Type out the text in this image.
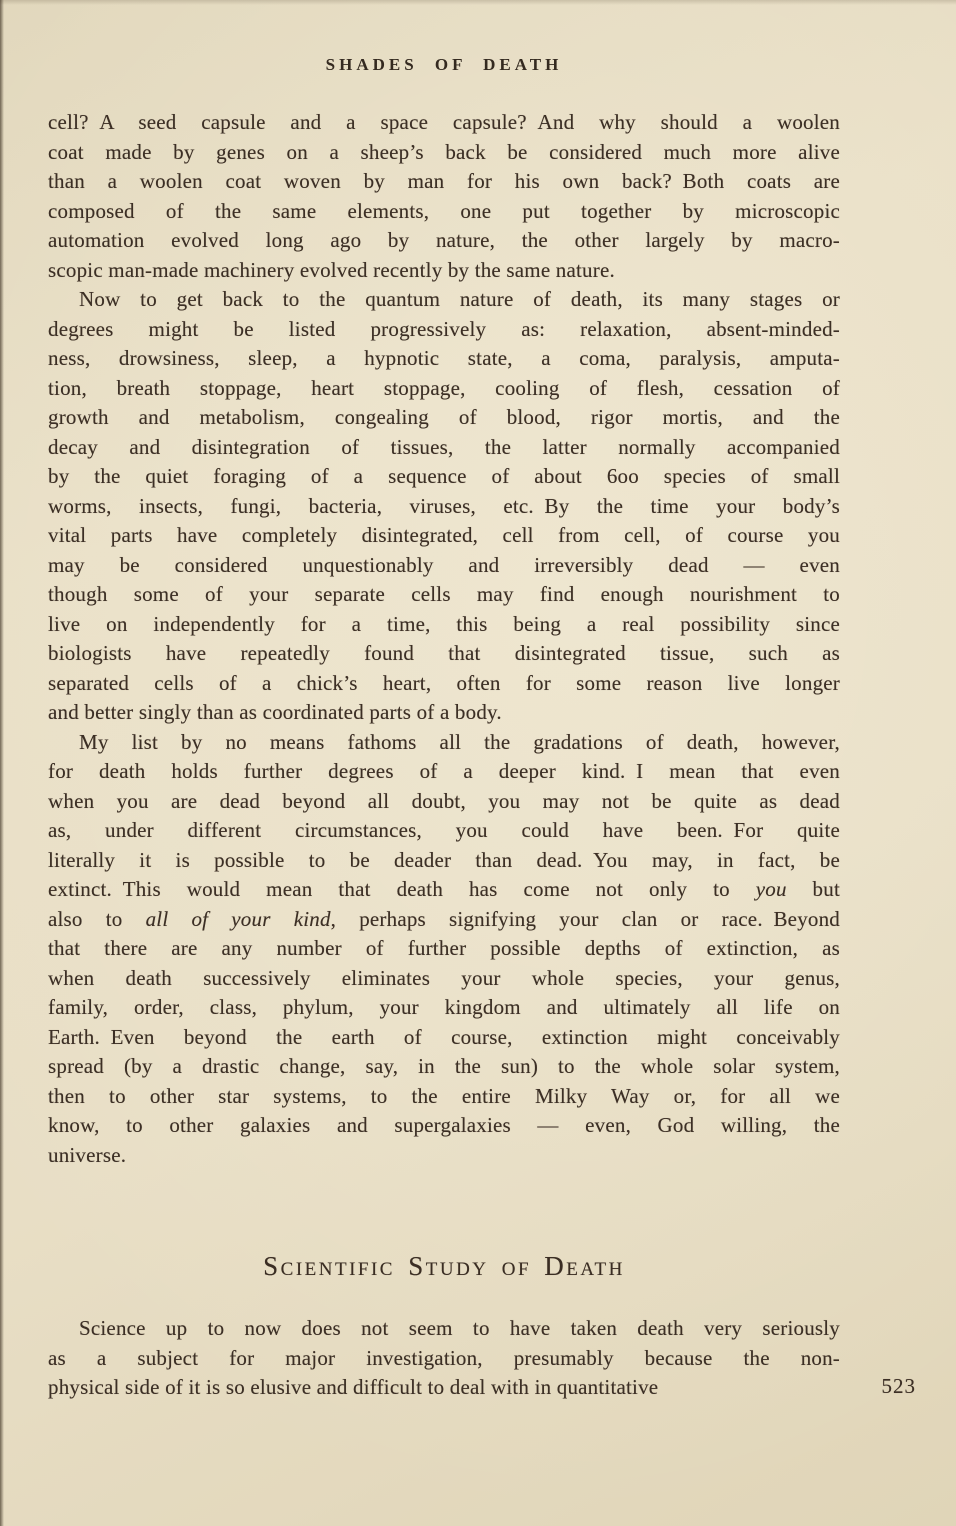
SHADES OF DEATH
cell? A seed capsule and a space capsule? And why should a woolen
coat made by genes on a sheep’s back be considered much more alive
than a woolen coat woven by man for his own back? Both coats are
composed of the same elements, one put together by microscopic
automation evolved long ago by nature, the other largely by macro-
scopic man-made machinery evolved recently by the same nature.
Now to get back to the quantum nature of death, its many stages or
degrees might be listed progressively as: relaxation, absent-minded-
ness, drowsiness, sleep, a hypnotic state, a coma, paralysis, amputa-
tion, breath stoppage, heart stoppage, cooling of flesh, cessation of
growth and metabolism, congealing of blood, rigor mortis, and the
decay and disintegration of tissues, the latter normally accompanied
by the quiet foraging of a sequence of about 6oo species of small
worms, insects, fungi, bacteria, viruses, etc. By the time your body’s
vital parts have completely disintegrated, cell from cell, of course you
may be considered unquestionably and irreversibly dead — even
though some of your separate cells may find enough nourishment to
live on independently for a time, this being a real possibility since
biologists have repeatedly found that disintegrated tissue, such as
separated cells of a chick’s heart, often for some reason live longer
and better singly than as coordinated parts of a body.
My list by no means fathoms all the gradations of death, however,
for death holds further degrees of a deeper kind. I mean that even
when you are dead beyond all doubt, you may not be quite as dead
as, under different circumstances, you could have been. For quite
literally it is possible to be deader than dead. You may, in fact, be
extinct. This would mean that death has come not only to you but
also to all of your kind, perhaps signifying your clan or race. Beyond
that there are any number of further possible depths of extinction, as
when death successively eliminates your whole species, your genus,
family, order, class, phylum, your kingdom and ultimately all life on
Earth. Even beyond the earth of course, extinction might conceivably
spread (by a drastic change, say, in the sun) to the whole solar system,
then to other star systems, to the entire Milky Way or, for all we
know, to other galaxies and supergalaxies — even, God willing, the
universe.
Scientific Study of Death
Science up to now does not seem to have taken death very seriously
as a subject for major investigation, presumably because the non-
physical side of it is so elusive and difficult to deal with in quantitative	523
